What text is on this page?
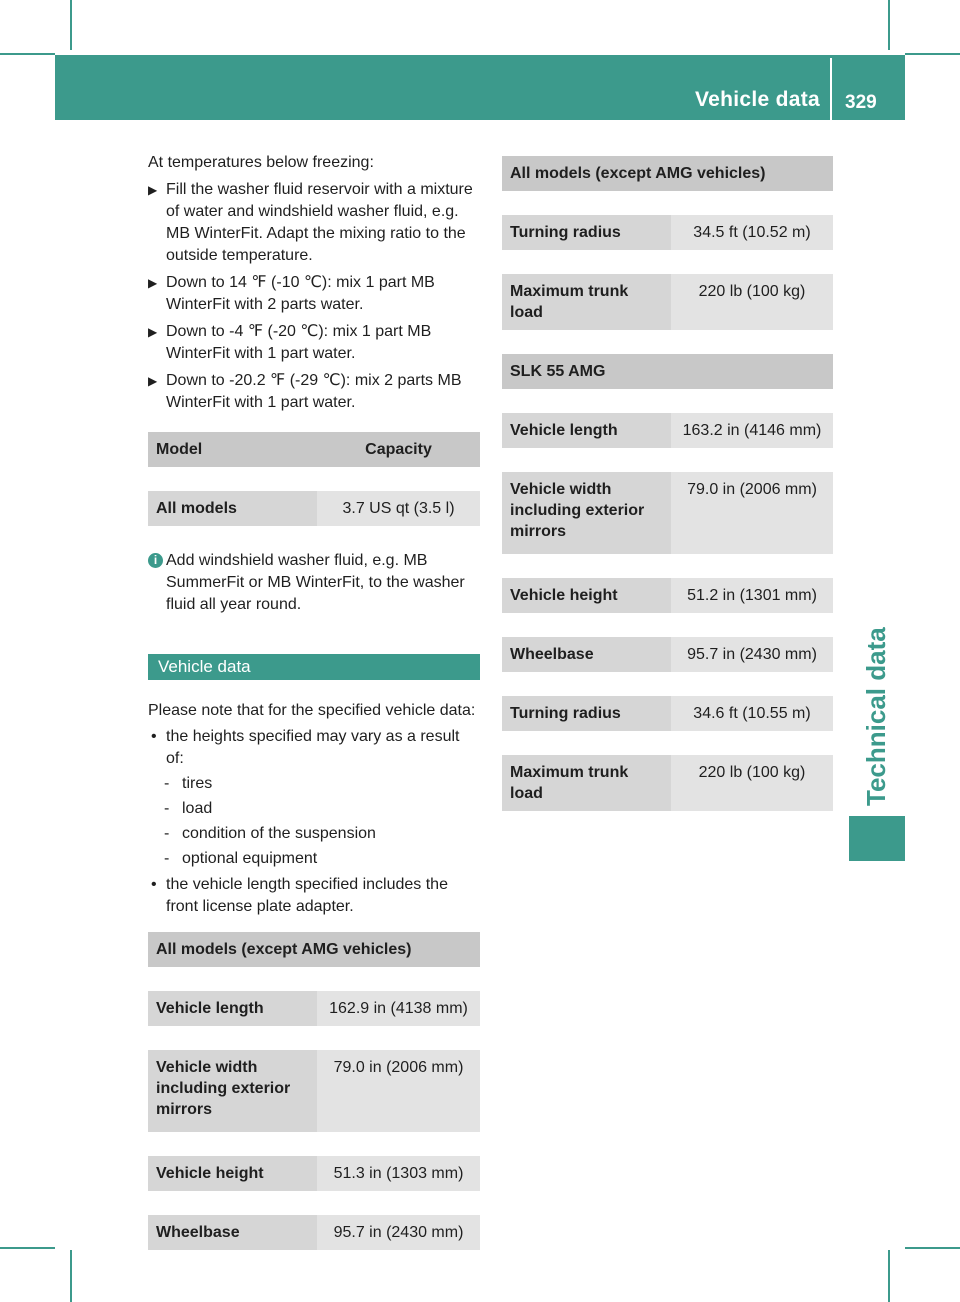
Vehicle data 329
Technical data

At temperatures below freezing:

▶ Fill the washer fluid reservoir with a mixture of water and windshield washer fluid, e.g. MB WinterFit. Adapt the mixing ratio to the outside temperature.
▶ Down to 14 ℉ (-10 ℃): mix 1 part MB WinterFit with 2 parts water.
▶ Down to -4 ℉ (-20 ℃): mix 1 part MB WinterFit with 1 part water.
▶ Down to -20.2 ℉ (-29 ℃): mix 2 parts MB WinterFit with 1 part water.
Model	Capacity

All models	3.7 US qt (3.5 l)
i Add windshield washer fluid, e.g. MB SummerFit or MB WinterFit, to the washer fluid all year round.
Vehicle data

Please note that for the specified vehicle data:

• the heights specified may vary as a result of:
- tires
- load
- condition of the suspension
- optional equipment
• the vehicle length specified includes the front license plate adapter.
All models (except AMG vehicles)	

Vehicle length	162.9 in (4138 mm)

Vehicle width including exterior mirrors	79.0 in (2006 mm)

Vehicle height	51.3 in (1303 mm)

Wheelbase	95.7 in (2430 mm)
All models (except AMG vehicles)	

Turning radius	34.5 ft (10.52 m)

Maximum trunk load	220 lb (100 kg)
SLK 55 AMG	

Vehicle length	163.2 in (4146 mm)

Vehicle width including exterior mirrors	79.0 in (2006 mm)

Vehicle height	51.2 in (1301 mm)

Wheelbase	95.7 in (2430 mm)

Turning radius	34.6 ft (10.55 m)

Maximum trunk load	220 lb (100 kg)
